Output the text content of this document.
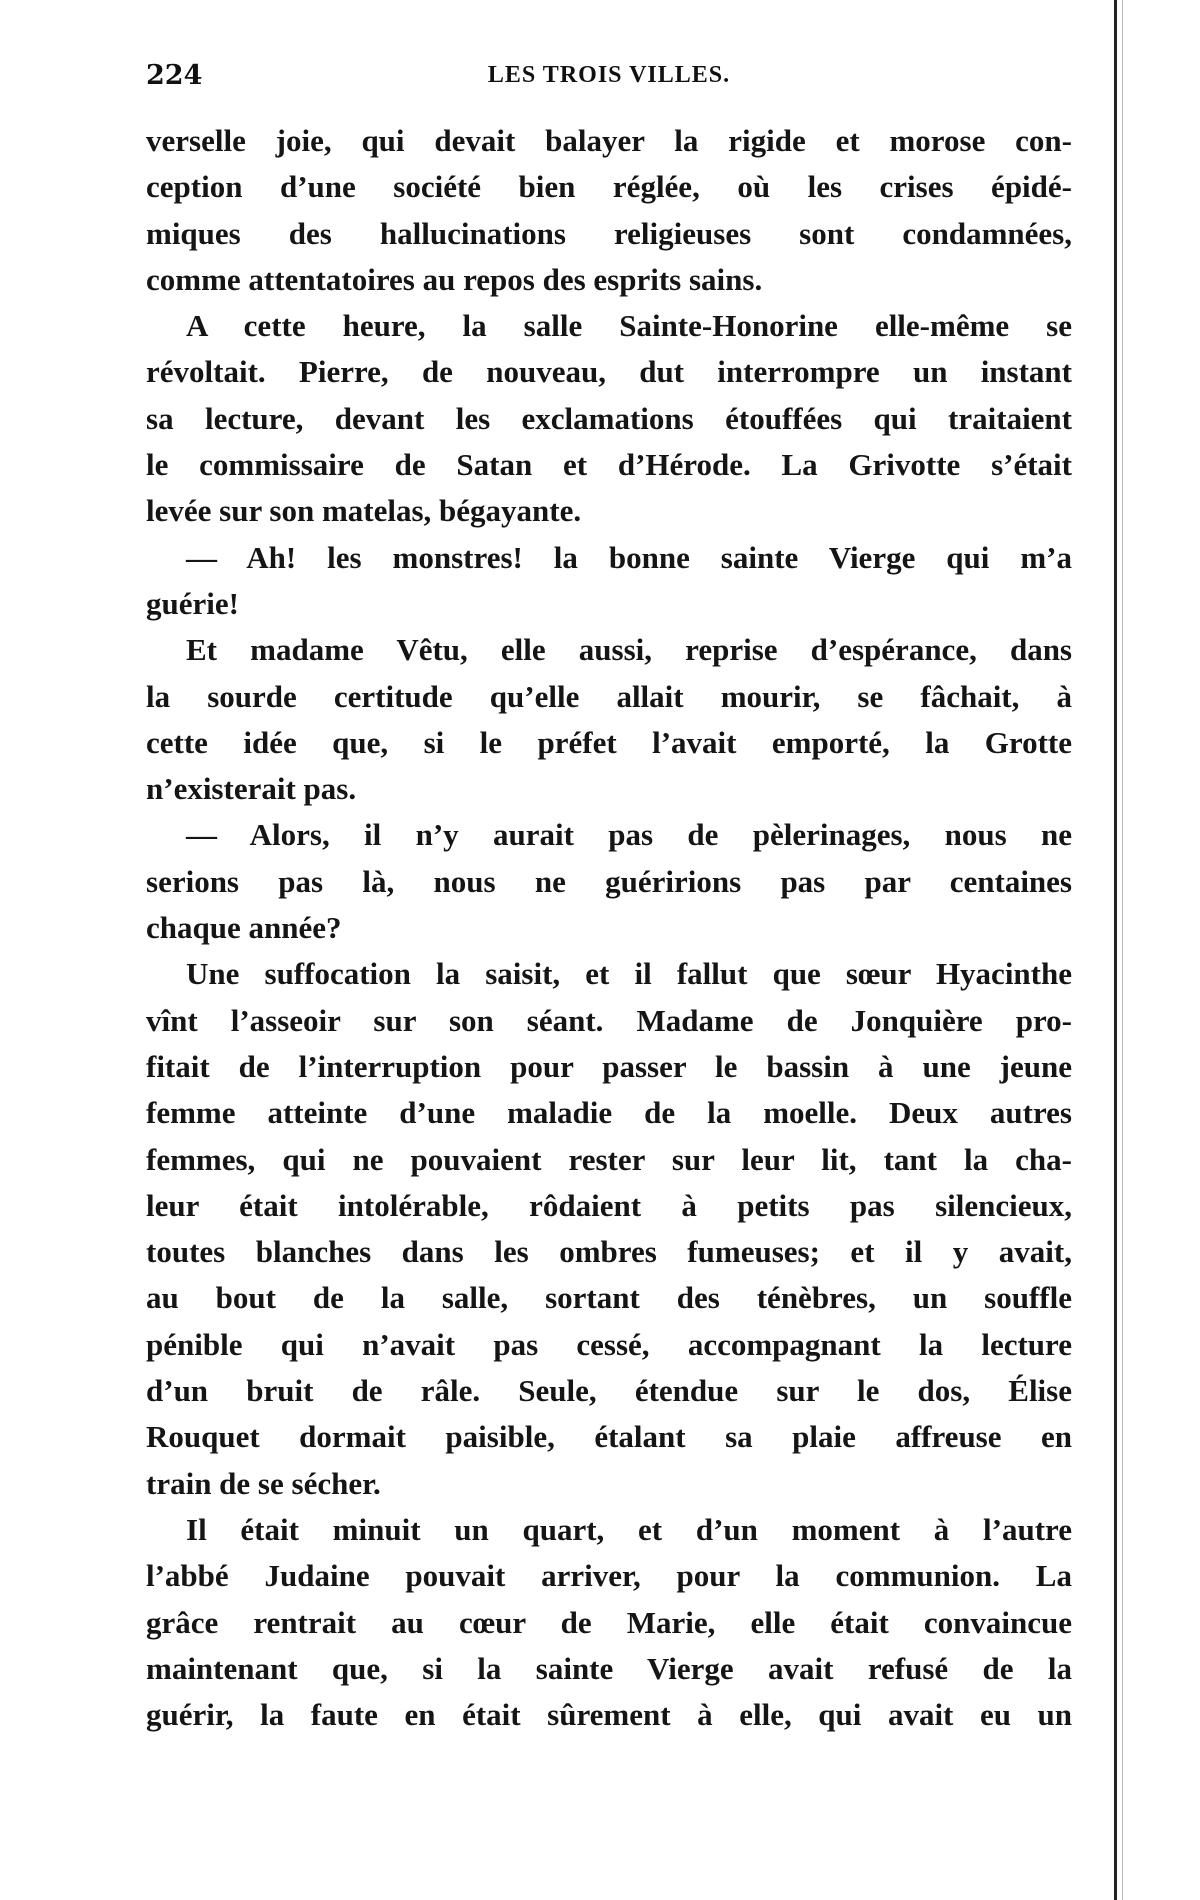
224	LES TROIS VILLES.
verselle joie, qui devait balayer la rigide et morose con-
ception d’une société bien réglée, où les crises épidé-
miques des hallucinations religieuses sont condamnées,
comme attentatoires au repos des esprits sains.
A cette heure, la salle Sainte-Honorine elle-même se
révoltait. Pierre, de nouveau, dut interrompre un instant
sa lecture, devant les exclamations étouffées qui traitaient
le commissaire de Satan et d’Hérode. La Grivotte s’était
levée sur son matelas, bégayante.
— Ah! les monstres! la bonne sainte Vierge qui m’a
guérie!
Et madame Vêtu, elle aussi, reprise d’espérance, dans
la sourde certitude qu’elle allait mourir, se fâchait, à
cette idée que, si le préfet l’avait emporté, la Grotte
n’existerait pas.
— Alors, il n’y aurait pas de pèlerinages, nous ne
serions pas là, nous ne guéririons pas par centaines
chaque année?
Une suffocation la saisit, et il fallut que sœur Hyacinthe
vînt l’asseoir sur son séant. Madame de Jonquière pro-
fitait de l’interruption pour passer le bassin à une jeune
femme atteinte d’une maladie de la moelle. Deux autres
femmes, qui ne pouvaient rester sur leur lit, tant la cha-
leur était intolérable, rôdaient à petits pas silencieux,
toutes blanches dans les ombres fumeuses; et il y avait,
au bout de la salle, sortant des ténèbres, un souffle
pénible qui n’avait pas cessé, accompagnant la lecture
d’un bruit de râle. Seule, étendue sur le dos, Élise
Rouquet dormait paisible, étalant sa plaie affreuse en
train de se sécher.
Il était minuit un quart, et d’un moment à l’autre
l’abbé Judaine pouvait arriver, pour la communion. La
grâce rentrait au cœur de Marie, elle était convaincue
maintenant que, si la sainte Vierge avait refusé de la
guérir, la faute en était sûrement à elle, qui avait eu un
